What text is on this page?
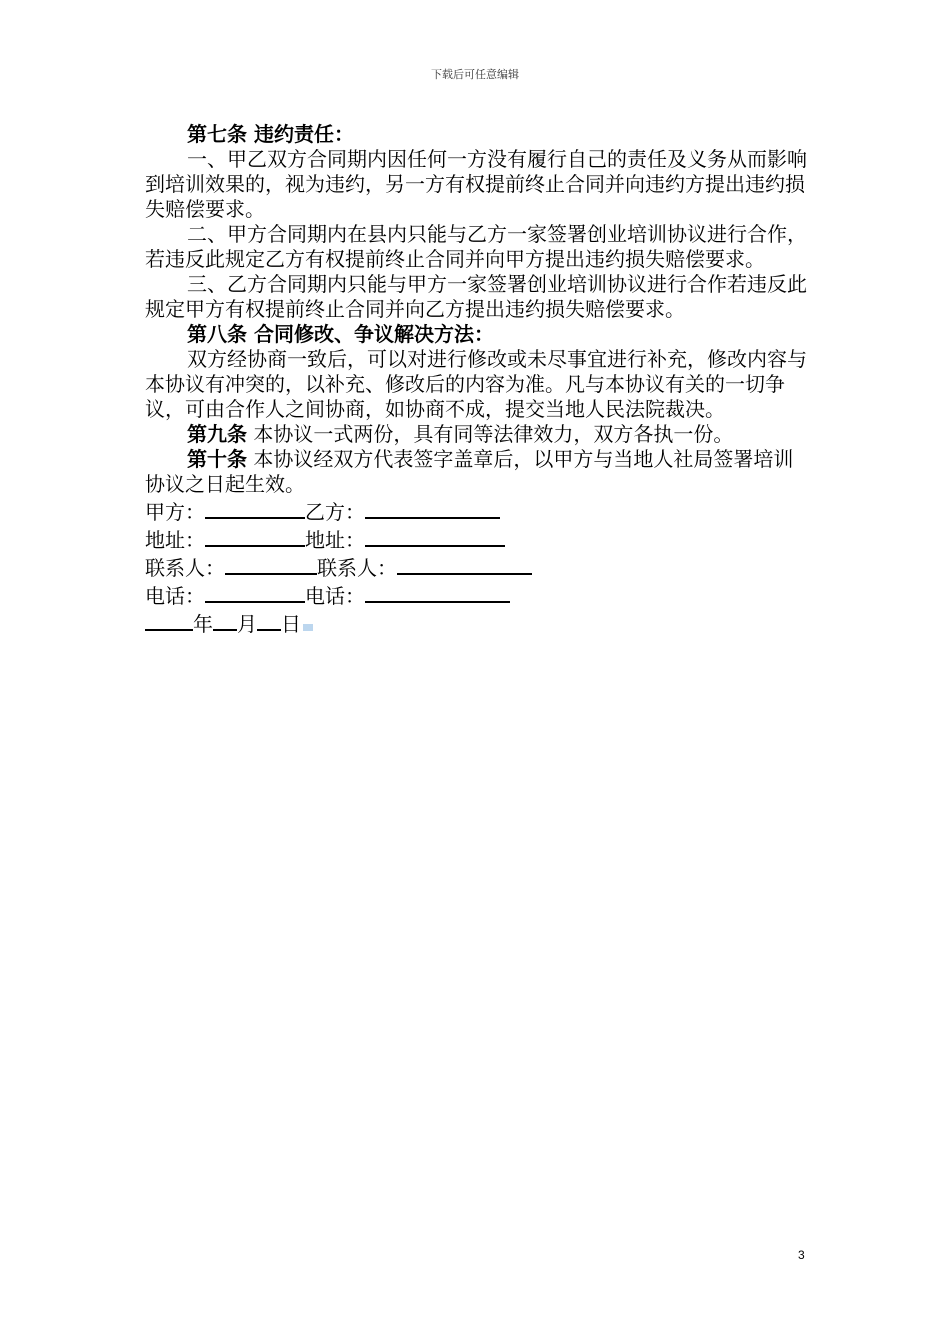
下载后可任意编辑

第七条 违约责任：

一、甲乙双方合同期内因任何一方没有履行自己的责任及义务从而影响到培训效果的，视为违约，另一方有权提前终止合同并向违约方提出违约损失赔偿要求。

二、甲方合同期内在县内只能与乙方一家签署创业培训协议进行合作，若违反此规定乙方有权提前终止合同并向甲方提出违约损失赔偿要求。

三、乙方合同期内只能与甲方一家签署创业培训协议进行合作若违反此规定甲方有权提前终止合同并向乙方提出违约损失赔偿要求。

第八条 合同修改、争议解决方法：

双方经协商一致后，可以对进行修改或未尽事宜进行补充，修改内容与本协议有冲突的，以补充、修改后的内容为准。凡与本协议有关的一切争议，可由合作人之间协商，如协商不成，提交当地人民法院裁决。

第九条 本协议一式两份，具有同等法律效力，双方各执一份。

第十条 本协议经双方代表签字盖章后，以甲方与当地人社局签署培训协议之日起生效。

甲方：	乙方：
地址：	地址：
联系人：	联系人：
电话：	电话：
年 月 日
3
